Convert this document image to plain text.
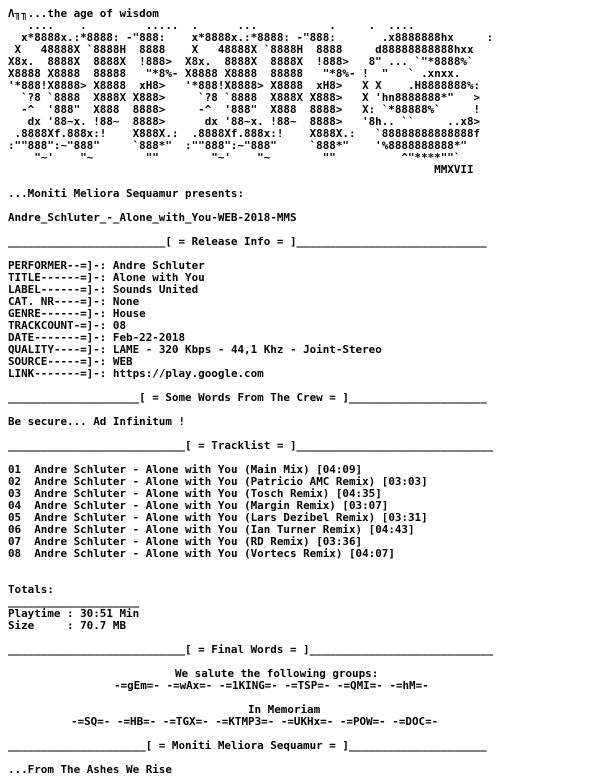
Λ╖╖...the age of wisdom
....    .         .....  .      ...           .     .  ....
x*8888x.:*8888: -"888:    x*8888x.:*8888: -"888:       .x8888888hx     :
X   48888X `8888H  8888    X   48888X `8888H  8888     d88888888888hxx
X8x.  8888X  8888X  !888>  X8x.  8888X  8888X  !888>   8" ... `"*8888%`
X8888 X8888  88888   "*8%- X8888 X8888  88888   "*8%- !  "   ` .xnxx.
'*888!X8888> X8888  xH8>   '*888!X8888> X8888  xH8>   X X    .H8888888%:
`?8 `8888  X888X X888>     `?8 `8888  X888X X888>   X 'hn8888888*"   >
-^  '888"  X888  8888>     -^  '888"  X888  8888>   X: `*88888%`     !
dx '88~x. !88~  8888>      dx '88~x. !88~  8888>   '8h.. ``     ..x8>
.8888Xf.888x:!    X888X.:  .8888Xf.888x:!    X888X.:   `88888888888888f
:""888":~"888"     `888*"  :""888":~"888"     `888*"    '%8888888888*"
"~'    "~        ""        "~'    "~        ""          ^"****""`
MMXVII

...Moniti Meliora Sequamur presents:

Andre_Schluter_-_Alone_with_You-WEB-2018-MMS

________________________[ = Release Info = ]_____________________________

PERFORMER--=]-: Andre Schluter
TITLE------=]-: Alone with You
LABEL------=]-: Sounds United
CAT. NR----=]-: None
GENRE------=]-: House
TRACKCOUNT-=]-: 08
DATE-------=]-: Feb-22-2018
QUALITY----=]-: LAME - 320 Kbps - 44,1 Khz - Joint-Stereo
SOURCE-----=]-: WEB
LINK-------=]-: https://play.google.com

____________________[ = Some Words From The Crew = ]_____________________

Be secure... Ad Infinitum !

___________________________[ = Tracklist = ]______________________________

01 Andre Schluter - Alone with You (Main Mix) [04:09]
02 Andre Schluter - Alone with You (Patricio AMC Remix) [03:03]
03 Andre Schluter - Alone with You (Tosch Remix) [04:35]
04 Andre Schluter - Alone with You (Margin Remix) [03:07]
05 Andre Schluter - Alone with You (Lars Dezibel Remix) [03:31]
06 Andre Schluter - Alone with You (Ian Turner Remix) [04:43]
07 Andre Schluter - Alone with You (RD Remix) [03:36]
08 Andre Schluter - Alone with You (Vortecs Remix) [04:07]

Totals:
____________________
Playtime : 30:51 Min
Size     : 70.7 MB

___________________________[ = Final Words = ]____________________________

We salute the following groups:
-=gEm=- -=wAx=- -=1KING=- -=TSP=- -=QMI=- -=hM=-

In Memoriam
-=SQ=- -=HB=- -=TGX=- -=KTMP3=- -=UKHx=- -=POW=- -=DOC=-

_____________________[ = Moniti Meliora Sequamur = ]_____________________

...From The Ashes We Rise
